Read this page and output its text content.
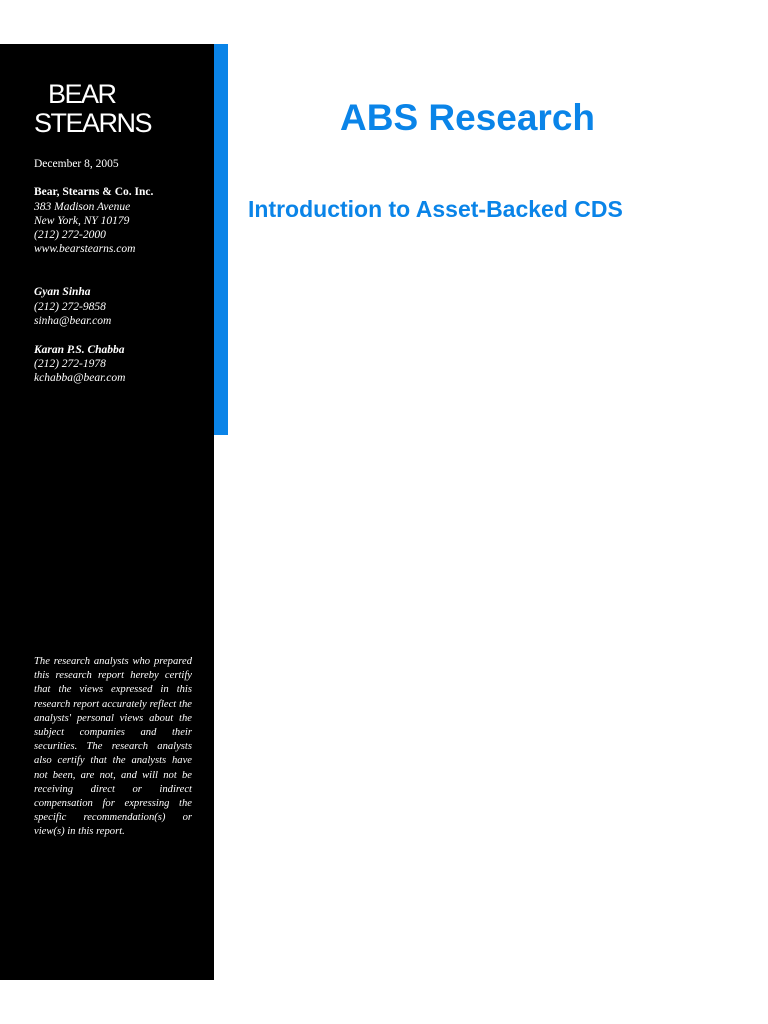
BEAR
STEARNS
December 8, 2005
Bear, Stearns & Co. Inc.
383 Madison Avenue
New York, NY 10179
(212) 272-2000
www.bearstearns.com
Gyan Sinha
(212) 272-9858
sinha@bear.com
Karan P.S. Chabba
(212) 272-1978
kchabba@bear.com
The research analysts who prepared this research report hereby certify that the views expressed in this research report accurately reflect the analysts' personal views about the subject companies and their securities. The research analysts also certify that the analysts have not been, are not, and will not be receiving direct or indirect compensation for expressing the specific recommendation(s) or view(s) in this report.
ABS Research
Introduction to Asset-Backed CDS
